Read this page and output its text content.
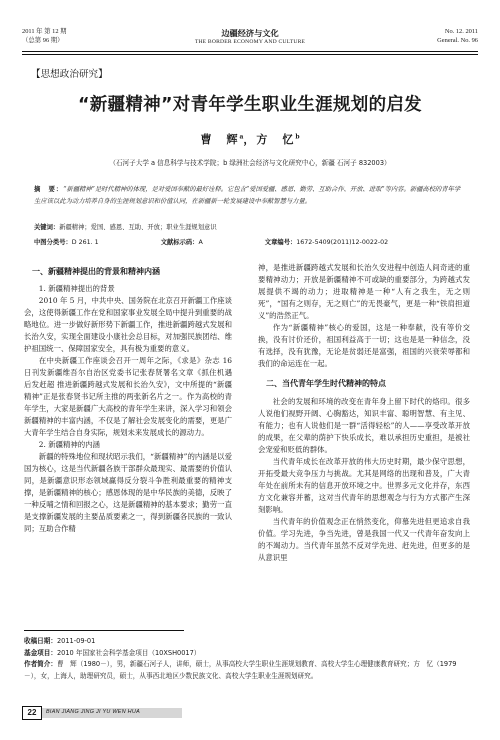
2011 年 第 12 期
（总第 96 期）
边疆经济与文化
THE BORDER ECONOMY AND CULTURE
No. 12. 2011
General. No. 96
【思想政治研究】
“新疆精神”对青年学生职业生涯规划的启发
曹　辉$^a$，方　忆$^b$
（石河子大学 a 信息科学与技术学院；b 绿洲社会经济与文化研究中心，新疆 石河子 832003）
摘　要：“新疆精神”是时代精神的体现，是对爱国奉献的最好诠释。它包含“爱国爱疆、感恩、勤劳、互助合作、开放、进取”等内容。新疆高校的青年学生应该以此为动力培养自身的生涯规划意识和价值认同，在新疆新一轮发展建设中奉献智慧与力量。
关键词：新疆精神；爱国、感恩、互助、开放；职业生涯规划意识
中图分类号：D 261. 1	文献标示码：A	文章编号：1672-5409(2011)12-0022-02
一、新疆精神提出的背景和精神内涵
1. 新疆精神提出的背景

2010 年 5 月，中共中央、国务院在北京召开新疆工作座谈会，这使得新疆工作在党和国家事业发展全局中提升到重要的战略地位。进一步做好新形势下新疆工作，推进新疆跨越式发展和长治久安，实现全面建设小康社会总目标，对加强民族团结、维护祖国统一、保障国家安全，具有极为重要的意义。

在中央新疆工作座谈会召开一周年之际，《求是》杂志 16 日刊发新疆维吾尔自治区党委书记张春贤署名文章《抓住机遇 后发赶超 推进新疆跨越式发展和长治久安》，文中所提的“新疆精神”正是张春贤书记所主推的两张新名片之一。作为高校的青年学生，大家是新疆广大高校的青年学生来讲，深入学习和领会新疆精神的丰富内涵，不仅是了解社会发展变化的需要，更是广大青年学生结合自身实际，规划未来发展成长的源动力。

2. 新疆精神的内涵

新疆的特殊地位和现状昭示我们，“新疆精神”的内涵是以爱国为核心，这是当代新疆各族干部群众最现实、最需要的价值认同，是新疆意识形态领域赢得反分裂斗争胜利最重要的精神支撑，是新疆精神的核心；感恩体现的是中华民族的美德，反映了一种反哺之情和回报之心，这是新疆精神的基本要求；勤劳一直是支撑新疆发展的主要品质要素之一，得到新疆各民族的一致认同；互助合作精

神，是推进新疆跨越式发展和长治久安进程中创造人间奇迹的重要精神动力；开放是新疆精神不可或缺的重要部分，为跨越式发展提供不竭的动力；进取精神是一种“人有之我生，无之则死”，“国有之则存，无之则亡”的无畏豪气，更是一种“铁肩担道义”的浩然正气。

作为“新疆精神”核心的爱国，这是一种奉献，没有等价交换，没有讨价还价，祖国利益高于一切；这也是是一种信念，没有选择，没有犹豫，无论是贫弱还是富强，祖国的兴衰荣辱都和我们的命运连在一起。

二、当代青年学生时代精神的特点

社会的发展和环境的改变在青年身上留下时代的烙印。很多人说他们视野开阔、心胸豁达，知识丰富、聪明智慧、有主见、有能力；也有人说他们是一群“活得轻松”的人——享受改革开放的成果，在父辈的荫护下快乐成长，难以承担历史重担，是被社会宠爱和贬低的群体。

当代青年成长在改革开放的伟大历史时期，最少保守思想，开拓受最大竞争压力与挑战。尤其是网络的出现和普及，广大青年处在前所未有的信息开放环境之中。世界多元文化并存，东西方文化兼容并蓄，这对当代青年的思想观念与行为方式都产生深刻影响。

当代青年的价值观念正在悄然变化，仰慕先进但更追求自我价值。学习先进，争当先进，曾是我国一代又一代青年奋发向上的不竭动力。当代青年虽然不反对学先进、赶先进，但更多的是从意识里

收稿日期：2011-09-01
基金项目：2010 年国家社会科学基金项目（10XSH0017）
作者简介：曹　辉（1980－），男，新疆石河子人，讲师，硕士，从事高校大学生职业生涯规划教育、高校大学生心理健康教育研究；方　忆（1979－），女，上海人，助理研究员，硕士，从事西北地区少数民族文化、高校大学生职业生涯规划研究。
22	BIAN JIANG JING JI YU WEN HUA
